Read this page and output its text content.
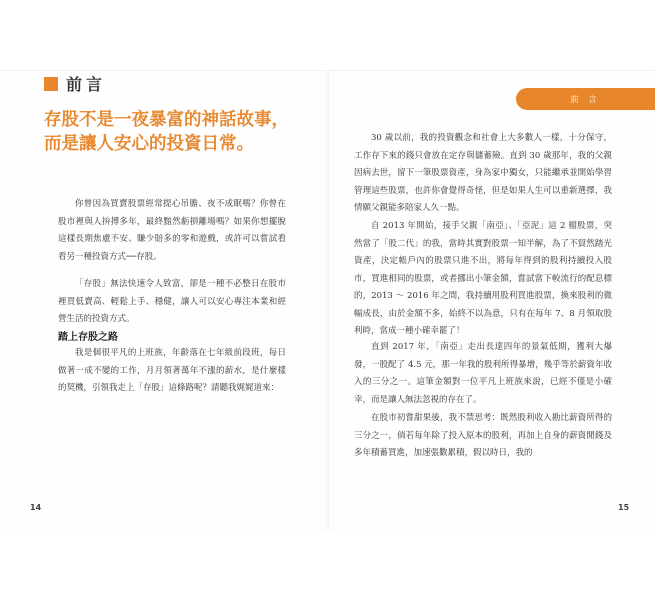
前言
存股不是一夜暴富的神話故事，
而是讓人安心的投資日常。

你曾因為買賣股票經常提心吊膽、夜不成眠嗎？你曾在股市裡與人拚搏多年，最終黯然虧損離場嗎？如果你想擺脫這樣長期焦慮不安、賺少賠多的零和遊戲，或許可以嘗試看看另一種投資方式──存股。

「存股」無法快速令人致富，卻是一種不必整日在股市裡買低賣高、輕鬆上手、穩健，讓人可以安心專注本業和經營生活的投資方式。

踏上存股之路

我是個很平凡的上班族，年齡落在七年級前段班，每日做著一成不變的工作，月月領著萬年不漲的薪水，是什麼樣的契機，引領我走上「存股」這條路呢？請聽我娓娓道來：

14
前言

30 歲以前，我的投資觀念和社會上大多數人一樣，十分保守，工作存下來的錢只會放在定存與儲蓄險。直到 30 歲那年，我的父親因病去世，留下一筆股票資產，身為家中獨女，只能繼承並開始學習管理這些股票，也許你會覺得奇怪，但是如果人生可以重新選擇，我情願父親能多陪家人久一點。

自 2013 年開始，接手父親「南亞」、「亞泥」這 2 檔股票，突然當了「股二代」的我，當時其實對股票一知半解，為了不貿然踏光資產，決定帳戶內的股票只進不出，將每年得到的股利持續投入股市，買進相同的股票，或者挪出小筆金額，嘗試當下較流行的配息標的，2013 ～ 2016 年之間，我持續用股利買進股票，換來股利的微幅成長，由於金額不多，始終不以為意，只有在每年 7、8 月領取股利時，當成一種小確幸罷了！

直到 2017 年，「南亞」走出長達四年的景氣低期，獲利大爆發，一股配了 4.5 元，那一年我的股利所得暴增，幾乎等於薪資年收入的三分之一。這筆金額對一位平凡上班族來說，已經不僅是小確幸，而是讓人無法忽視的存在了。

在股市初嘗甜果後，我不禁思考：既然股利收入勘比薪資所得的三分之一，倘若每年除了投入原本的股利，再加上自身的薪資閒錢及多年積蓄買進，加速張數累積，假以時日，我的

15
